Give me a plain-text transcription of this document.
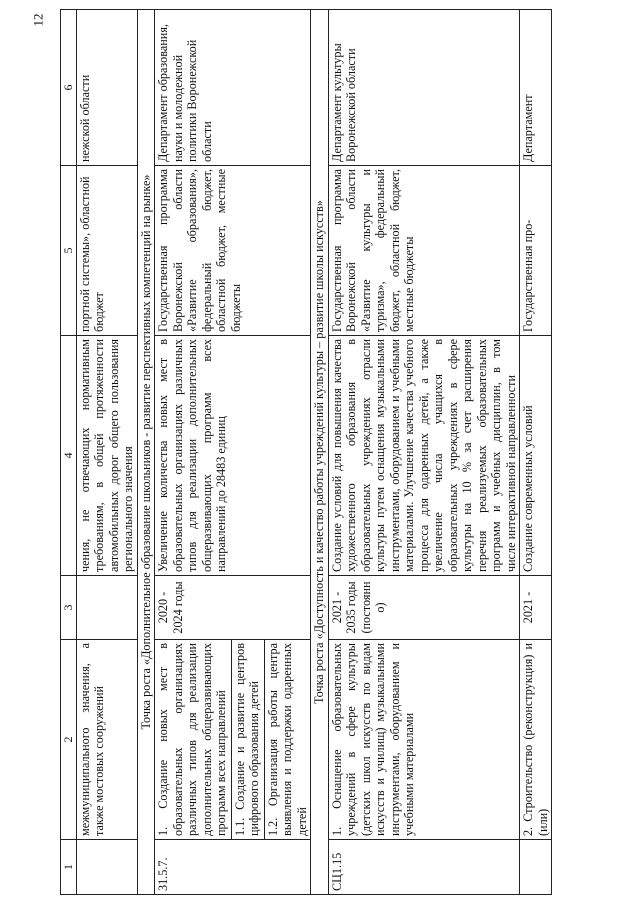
12
1	2	3	4	5	6
	межмуниципального значения, а также мостовых сооружений		чения, не отвечающих нормативным требованиям, в общей протяженности автомобильных дорог общего пользования регионального значения	портной системы», областной бюджет	нежской области
Точка роста «Дополнительное образование школьников - развитие перспективных компетенций на рынке»					
31.5.7.	1. Создание новых мест в образовательных организациях различных типов для реализации дополнительных общеразвивающих программ всех направлений 1.1. Создание и развитие центров цифрового образования детей 1.2. Организация работы центра выявления и поддержки одаренных детей	2020 - 2024 годы	Увеличение количества новых мест в образовательных организациях различных типов для реализации дополнительных общеразвивающих программ всех направлений до 28483 единиц	Государственная программа Воронежской области «Развитие образования», федеральный бюджет, областной бюджет, местные бюджеты	Департамент образования, науки и молодежной политики Воронежской области
Точка роста «Доступность и качество работы учреждений культуры – развитие школы искусств»					
СЦ1.15	1. Оснащение образовательных учреждений в сфере культуры (детских школ искусств по видам искусств и училищ) музыкальными инструментами, оборудованием и учебными материалами	2021 - 2035 годы (постоянно)	Создание условий для повышения качества художественного образования в образовательных учреждениях отрасли культуры путем оснащения музыкальными инструментами, оборудованием и учебными материалами. Улучшение качества учебного процесса для одаренных детей, а также увеличение числа учащихся в образовательных учреждениях в сфере культуры на 10 % за счет расширения перечня реализуемых образовательных программ и учебных дисциплин, в том числе интерактивной направленности	Государственная программа Воронежской области «Развитие культуры и туризма», федеральный бюджет, областной бюджет, местные бюджеты	Департамент культуры Воронежской области
	2. Строительство (реконструкция) и (или)	2021 -	Создание современных условий	Государственная про-	Департамент
